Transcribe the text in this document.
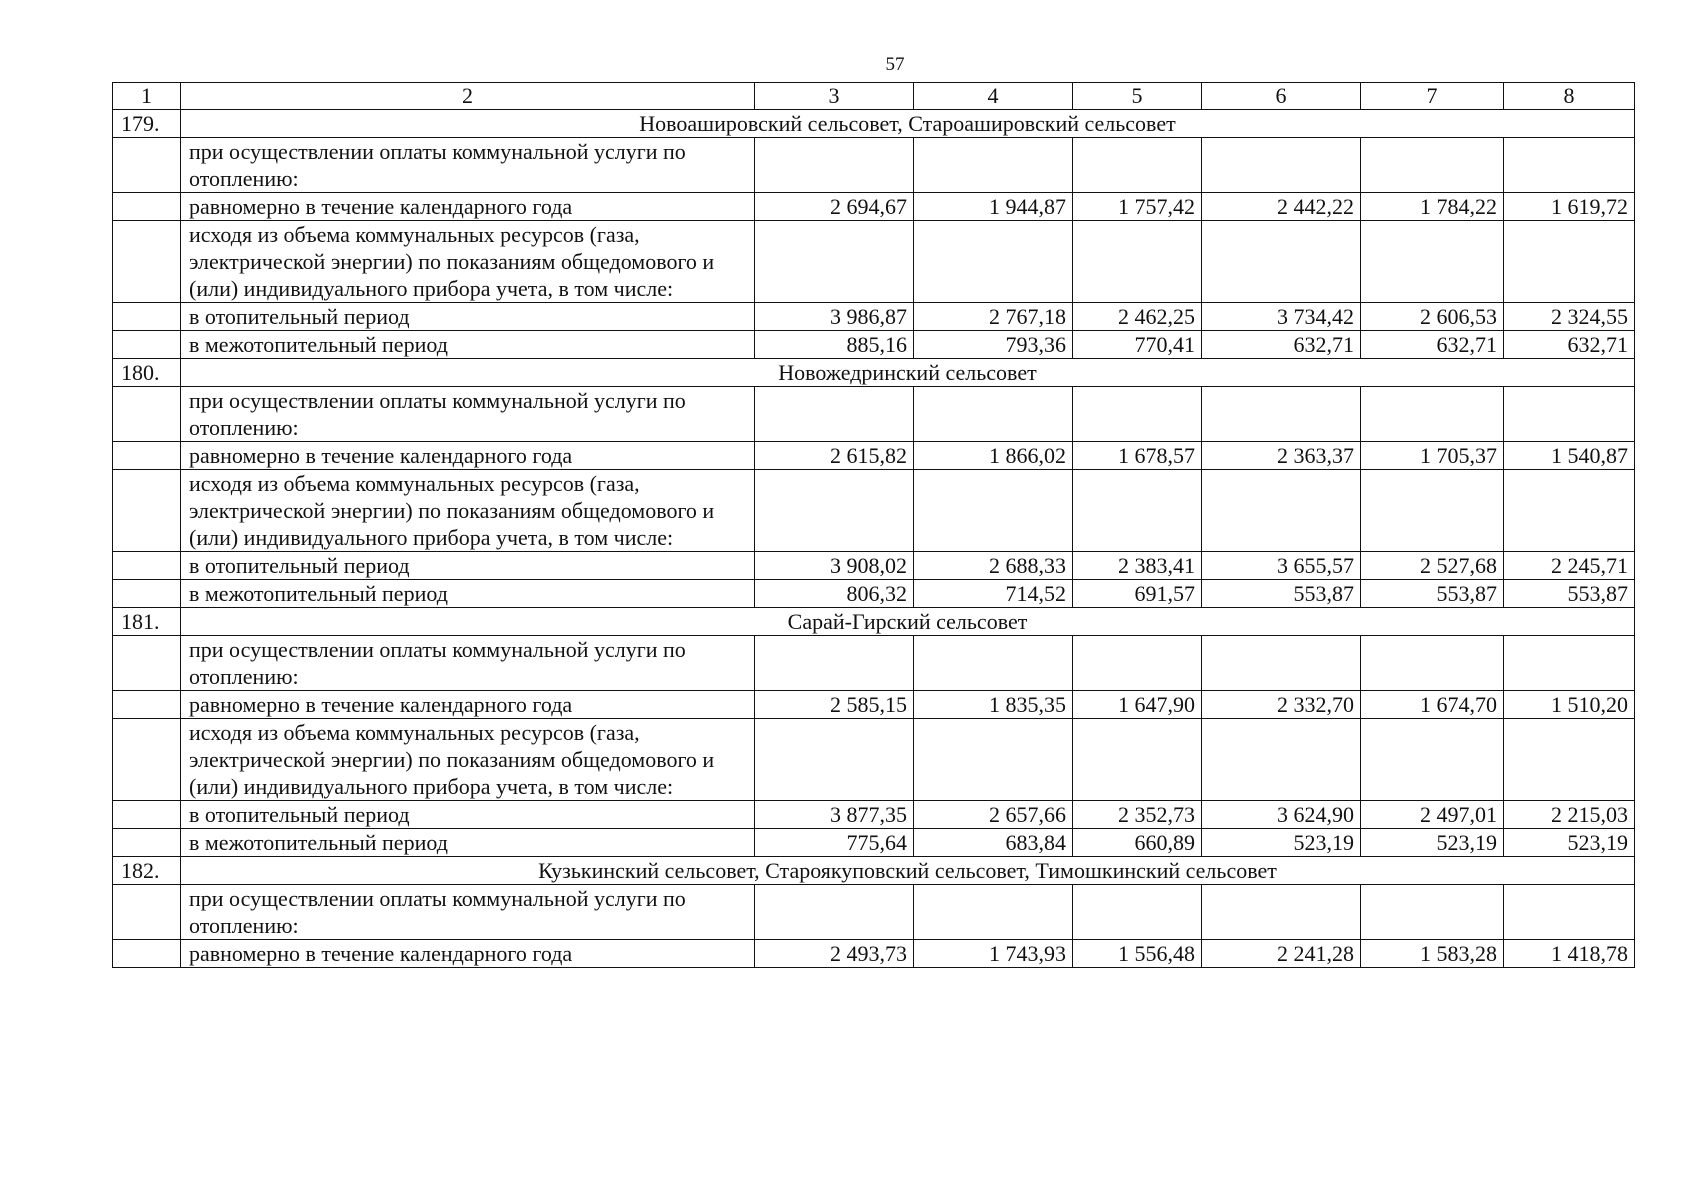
57
1	2	3	4	5	6	7	8
179.	Новоашировский сельсовет, Староашировский сельсовет						
	при осуществлении оплаты коммунальной услуги по отоплению:						
	равномерно в течение календарного года	2 694,67	1 944,87	1 757,42	2 442,22	1 784,22	1 619,72
	исходя из объема коммунальных ресурсов (газа, электрической энергии) по показаниям общедомового и (или) индивидуального прибора учета, в том числе:						
	в отопительный период	3 986,87	2 767,18	2 462,25	3 734,42	2 606,53	2 324,55
	в межотопительный период	885,16	793,36	770,41	632,71	632,71	632,71
180.	Новожедринский сельсовет						
	при осуществлении оплаты коммунальной услуги по отоплению:						
	равномерно в течение календарного года	2 615,82	1 866,02	1 678,57	2 363,37	1 705,37	1 540,87
	исходя из объема коммунальных ресурсов (газа, электрической энергии) по показаниям общедомового и (или) индивидуального прибора учета, в том числе:						
	в отопительный период	3 908,02	2 688,33	2 383,41	3 655,57	2 527,68	2 245,71
	в межотопительный период	806,32	714,52	691,57	553,87	553,87	553,87
181.	Сарай-Гирский сельсовет						
	при осуществлении оплаты коммунальной услуги по отоплению:						
	равномерно в течение календарного года	2 585,15	1 835,35	1 647,90	2 332,70	1 674,70	1 510,20
	исходя из объема коммунальных ресурсов (газа, электрической энергии) по показаниям общедомового и (или) индивидуального прибора учета, в том числе:						
	в отопительный период	3 877,35	2 657,66	2 352,73	3 624,90	2 497,01	2 215,03
	в межотопительный период	775,64	683,84	660,89	523,19	523,19	523,19
182.	Кузькинский сельсовет, Староякуповский сельсовет, Тимошкинский сельсовет						
	при осуществлении оплаты коммунальной услуги по отоплению:						
	равномерно в течение календарного года	2 493,73	1 743,93	1 556,48	2 241,28	1 583,28	1 418,78
